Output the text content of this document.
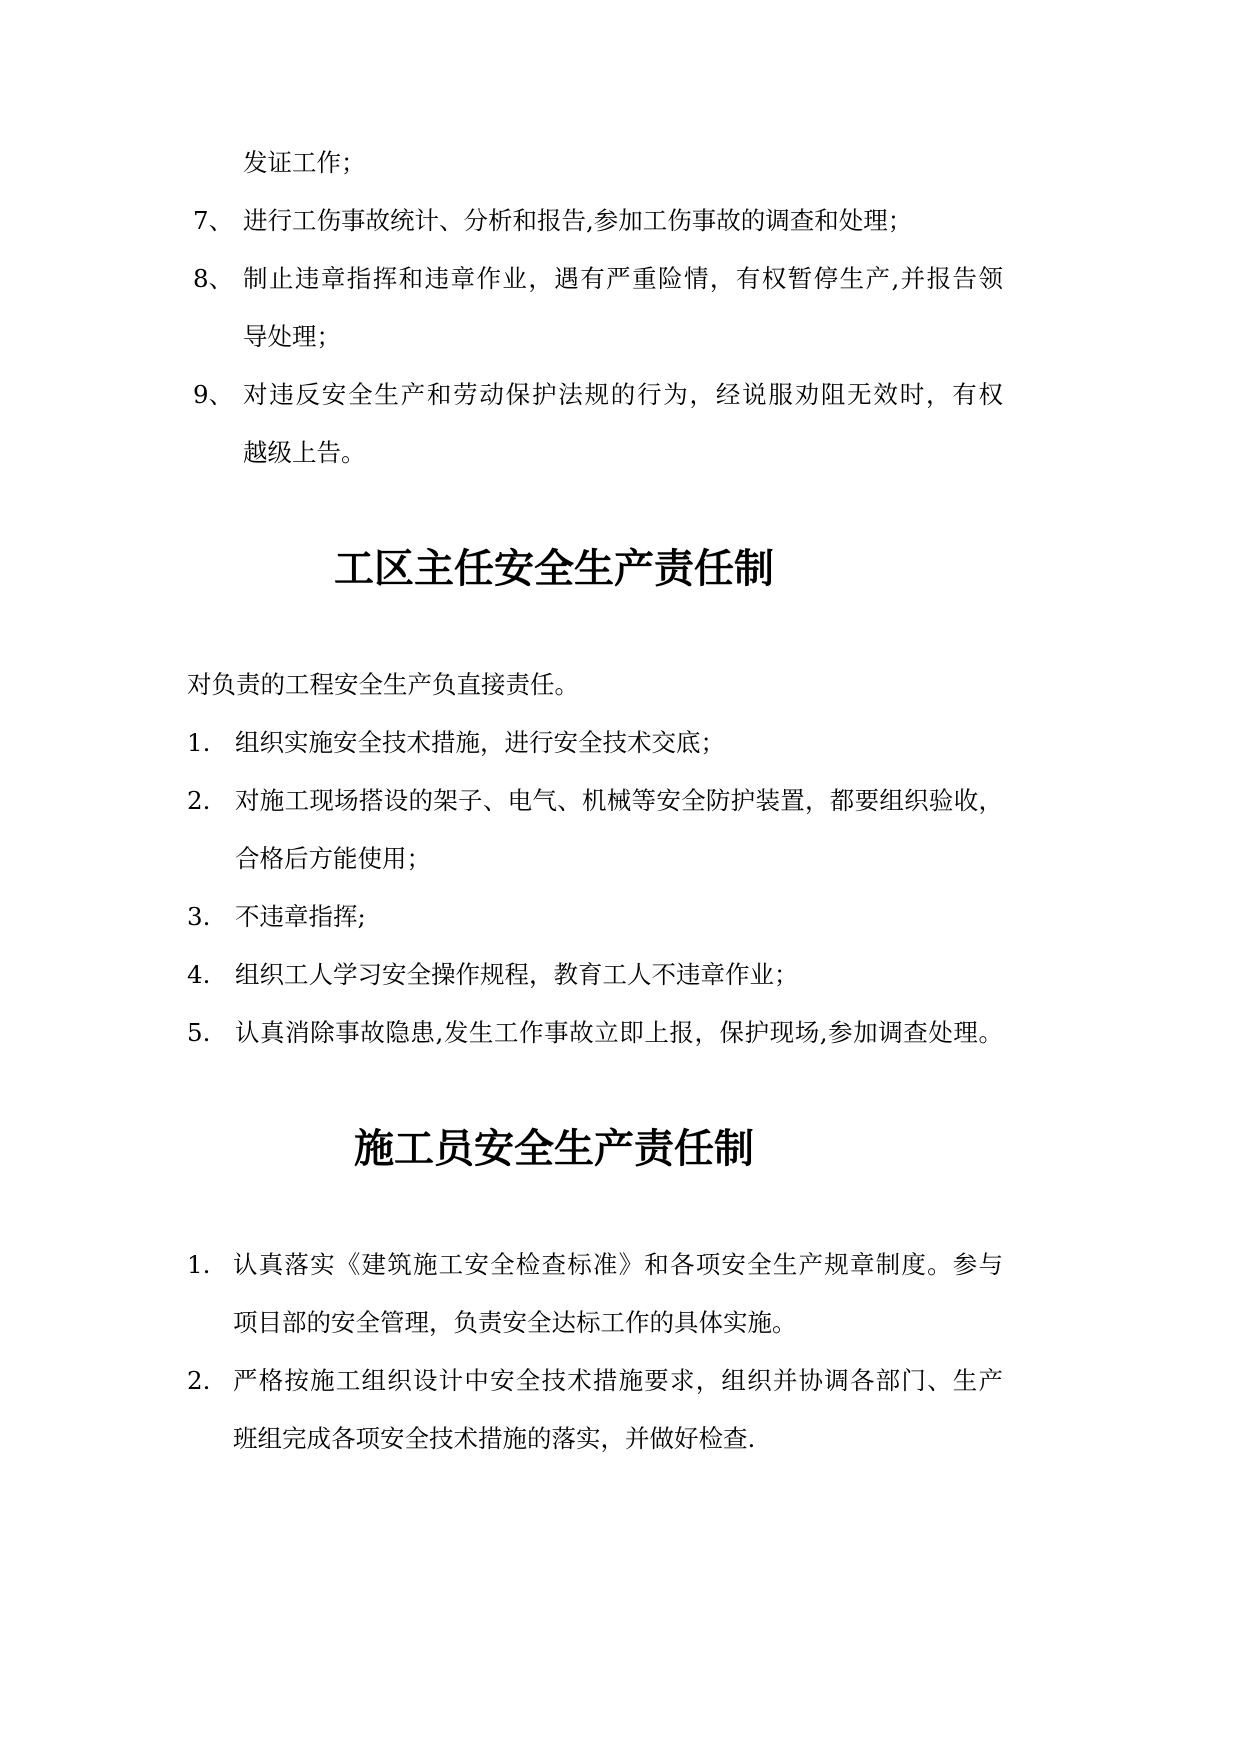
发证工作；
7、 进行工伤事故统计、分析和报告,参加工伤事故的调查和处理；
8、 制止违章指挥和违章作业，遇有严重险情，有权暂停生产,并报告领
导处理；
9、 对违反安全生产和劳动保护法规的行为，经说服劝阻无效时，有权
越级上告。
工区主任安全生产责任制
对负责的工程安全生产负直接责任。
1.	组织实施安全技术措施，进行安全技术交底；
2.	对施工现场搭设的架子、电气、机械等安全防护装置，都要组织验收，
合格后方能使用；
3.	不违章指挥;
4.	组织工人学习安全操作规程，教育工人不违章作业；
5.	认真消除事故隐患,发生工作事故立即上报，保护现场,参加调查处理。
施工员安全生产责任制
1. 认真落实《建筑施工安全检查标准》和各项安全生产规章制度。参与
项目部的安全管理，负责安全达标工作的具体实施。
2. 严格按施工组织设计中安全技术措施要求，组织并协调各部门、生产
班组完成各项安全技术措施的落实，并做好检查.
